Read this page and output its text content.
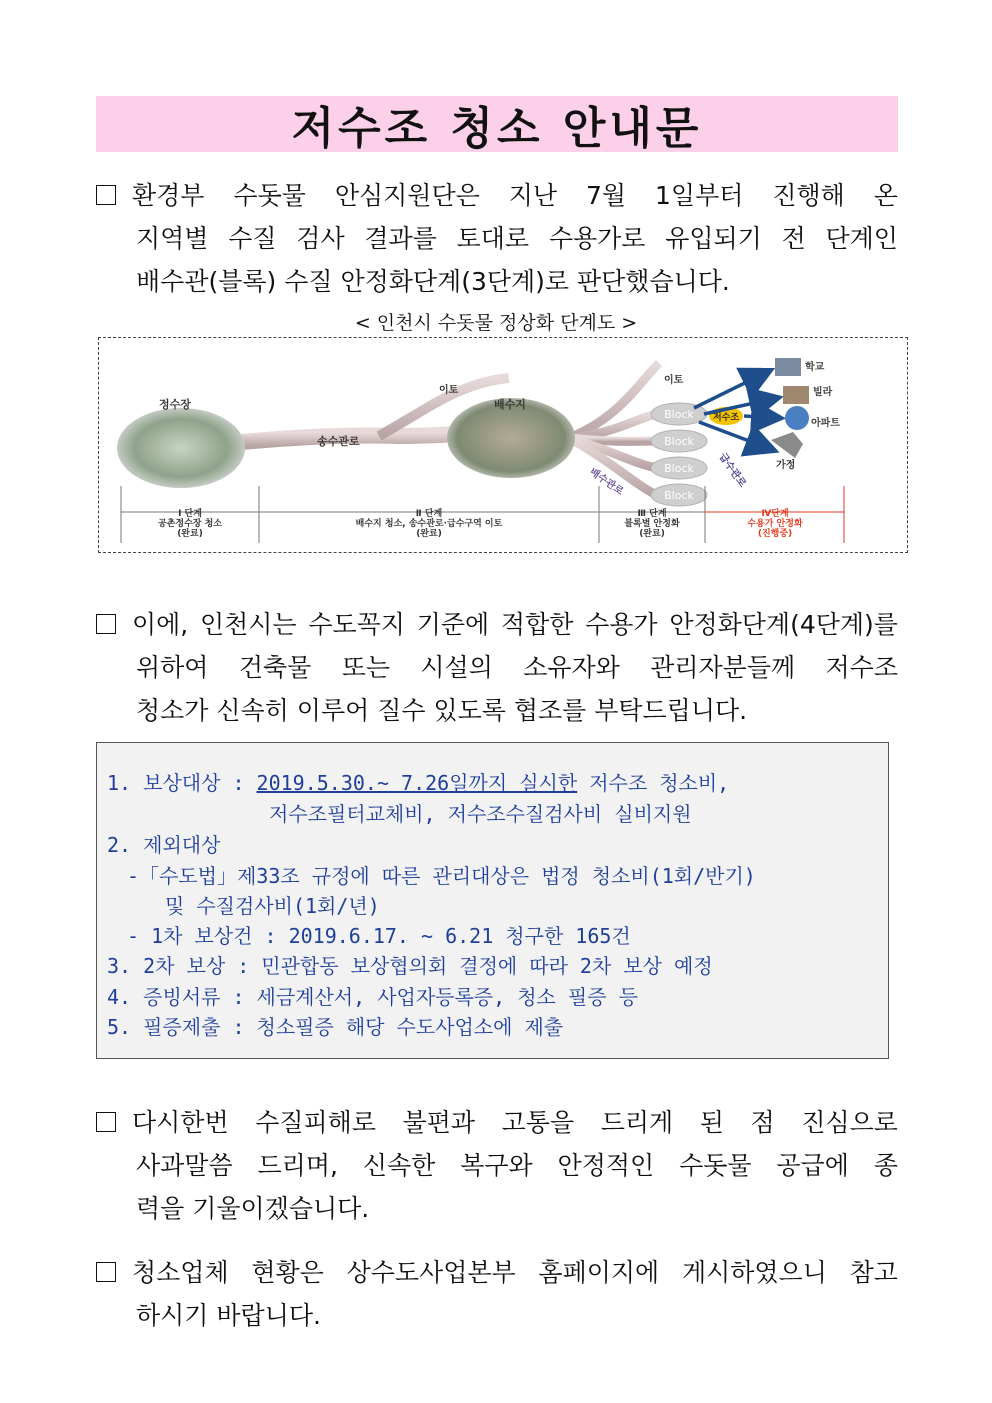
저수조 청소 안내문
환경부 수돗물 안심지원단은 지난 7월 1일부터 진행해 온
지역별 수질 검사 결과를 토대로 수용가로 유입되기 전 단계인
배수관(블록) 수질 안정화단계(3단계)로 판단했습니다.
< 인천시 수돗물 정상화 단계도 >
Block
Block
Block
Block
저수조
정수장
송수관로
배수지
이토
이토
배수관로	급수관로
학교
빌라
아파트
가정
Ⅰ 단계
공촌정수장 청소
(완료)
Ⅱ 단계
배수지 청소, 송수관로·급수구역 이토
(완료)
Ⅲ 단계
블록별 안정화
(완료)
Ⅳ단계
수용가 안정화
(진행중)
이에, 인천시는 수도꼭지 기준에 적합한 수용가 안정화단계(4단계)를
위하여 건축물 또는 시설의 소유자와 관리자분들께 저수조
청소가 신속히 이루어 질수 있도록 협조를 부탁드립니다.
1. 보상대상 : 2019.5.30.~ 7.26일까지 실시한 저수조 청소비,
저수조필터교체비, 저수조수질검사비 실비지원
2. 제외대상
-「수도법」제33조 규정에 따른 관리대상은 법정 청소비(1회/반기)
및 수질검사비(1회/년)
- 1차 보상건 : 2019.6.17. ~ 6.21 청구한 165건
3. 2차 보상 : 민관합동 보상협의회 결정에 따라 2차 보상 예정
4. 증빙서류 : 세금계산서, 사업자등록증, 청소 필증 등
5. 필증제출 : 청소필증 해당 수도사업소에 제출
다시한번 수질피해로 불편과 고통을 드리게 된 점 진심으로
사과말씀 드리며, 신속한 복구와 안정적인 수돗물 공급에 종
력을 기울이겠습니다.
청소업체 현황은 상수도사업본부 홈페이지에 게시하였으니 참고
하시기 바랍니다.
